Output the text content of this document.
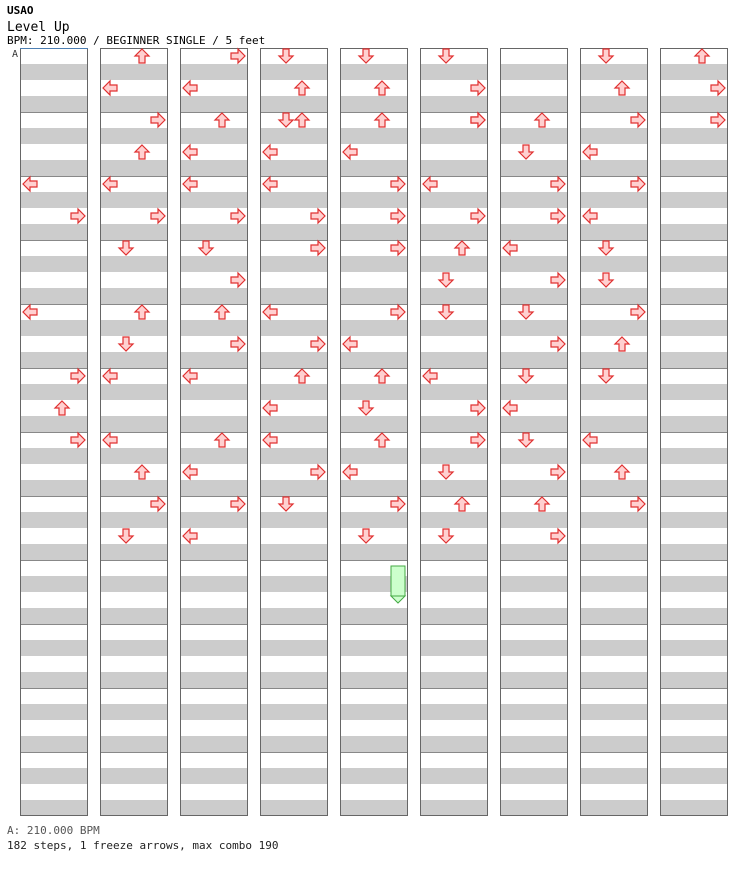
USAO
Level Up
BPM: 210.000 / BEGINNER SINGLE / 5 feet
A
A: 210.000 BPM
182 steps, 1 freeze arrows, max combo 190
